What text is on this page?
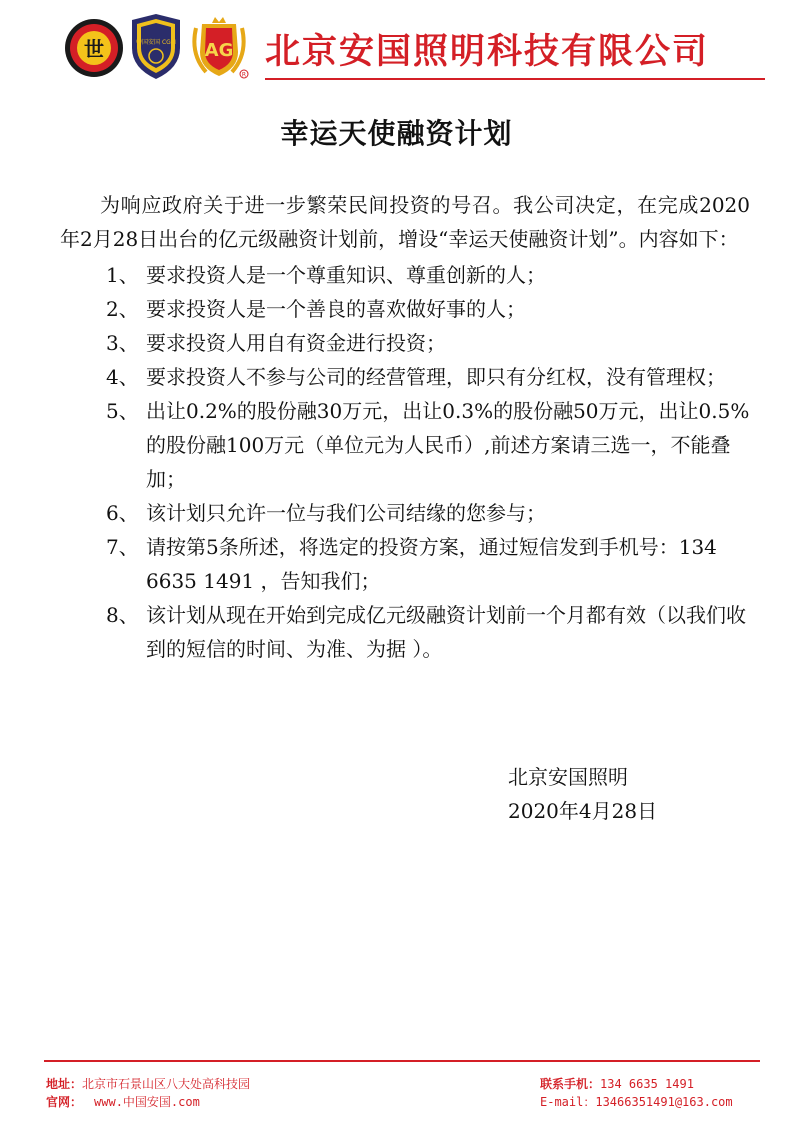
世	中国安国 CGM AG
R
北京安国照明科技有限公司
幸运天使融资计划

为响应政府关于进一步繁荣民间投资的号召。我公司决定，在完成2020年2月28日出台的亿元级融资计划前，增设“幸运天使融资计划”。内容如下：

1、 要求投资人是一个尊重知识、尊重创新的人；
2、 要求投资人是一个善良的喜欢做好事的人；
3、 要求投资人用自有资金进行投资；
4、 要求投资人不参与公司的经营管理，即只有分红权，没有管理权；
5、 出让0.2%的股份融30万元，出让0.3%的股份融50万元，出让0.5%的股份融100万元（单位元为人民币）,前述方案请三选一，不能叠加；
6、 该计划只允许一位与我们公司结缘的您参与；
7、 请按第5条所述，将选定的投资方案，通过短信发到手机号：134 6635 1491 ，告知我们；
8、 该计划从现在开始到完成亿元级融资计划前一个月都有效（以我们收到的短信的时间、为准、为据 ）。
北京安国照明
2020年4月28日
地址：北京市石景山区八大处高科技园
官网： www.中国安国.com
联系手机：134 6635 1491
E-mail：13466351491@163.com
